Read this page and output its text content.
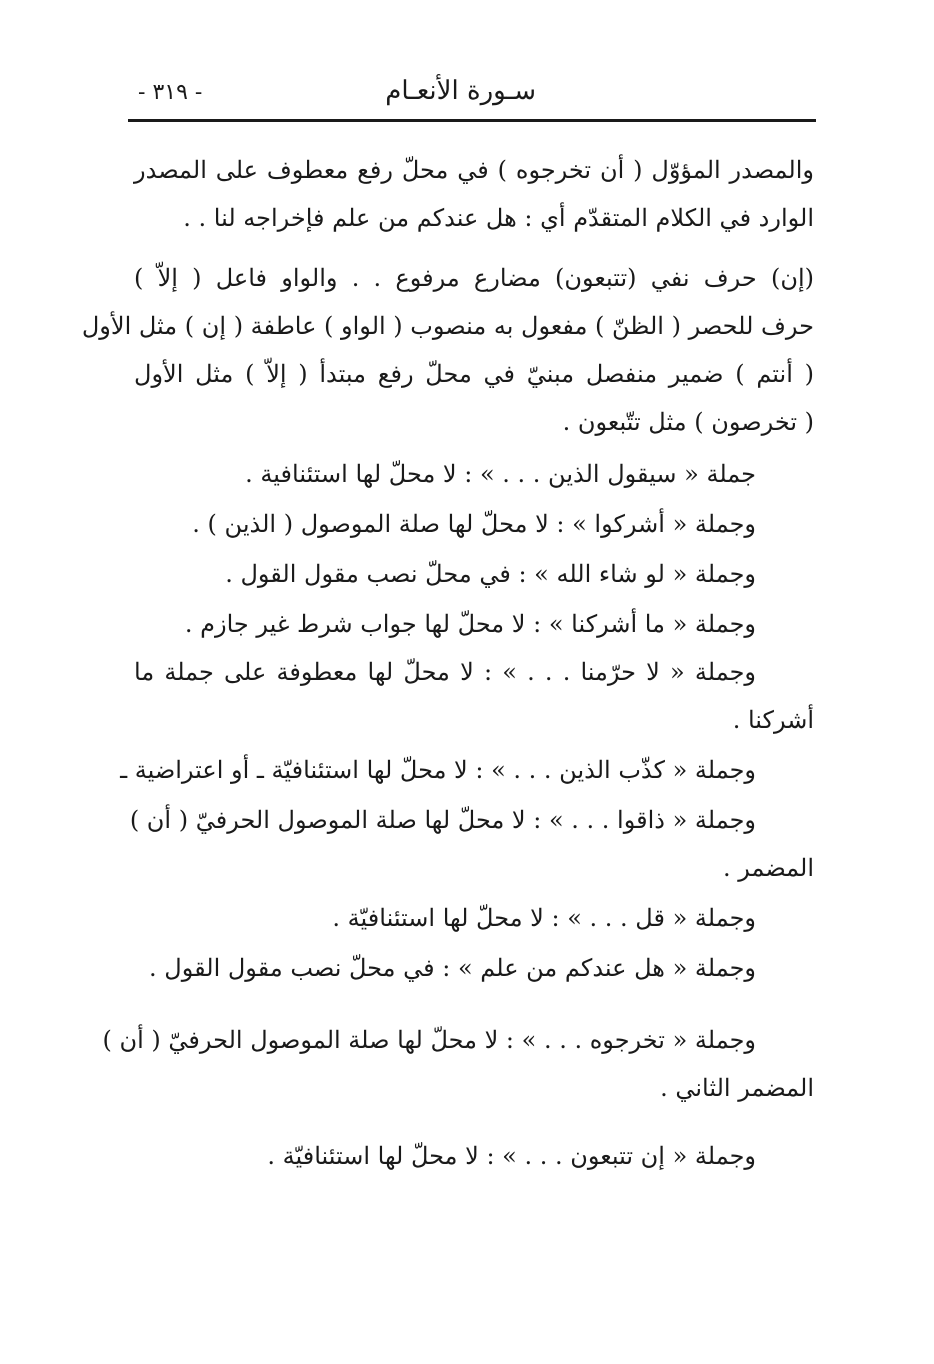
- ٣١٩ -	سـورة الأنعـام
والمصدر المؤوّل ( أن تخرجوه ) في محلّ رفع معطوف على المصدر
الوارد في الكلام المتقدّم أي : هل عندكم من علم فإخراجه لنا . .
(إن) حرف نفي (تتبعون) مضارع مرفوع . . والواو فاعل ( إلاّ )
حرف للحصر ( الظنّ ) مفعول به منصوب ( الواو ) عاطفة ( إن ) مثل الأول
( أنتم ) ضمير منفصل مبنيّ في محلّ رفع مبتدأ ( إلاّ ) مثل الأول
( تخرصون ) مثل تتّبعون .
جملة « سيقول الذين . . . » : لا محلّ لها استئنافية .
وجملة « أشركوا » : لا محلّ لها صلة الموصول ( الذين ) .
وجملة « لو شاء الله » : في محلّ نصب مقول القول .
وجملة « ما أشركنا » : لا محلّ لها جواب شرط غير جازم .
وجملة « لا حرّمنا . . . » : لا محلّ لها معطوفة على جملة ما
أشركنا .
وجملة « كذّب الذين . . . » : لا محلّ لها استئنافيّة ـ أو اعتراضية ـ
وجملة « ذاقوا . . . » : لا محلّ لها صلة الموصول الحرفيّ ( أن )
المضمر .
وجملة « قل . . . » : لا محلّ لها استئنافيّة .
وجملة « هل عندكم من علم » : في محلّ نصب مقول القول .
وجملة « تخرجوه . . . » : لا محلّ لها صلة الموصول الحرفيّ ( أن )
المضمر الثاني .
وجملة « إن تتبعون . . . » : لا محلّ لها استئنافيّة .
